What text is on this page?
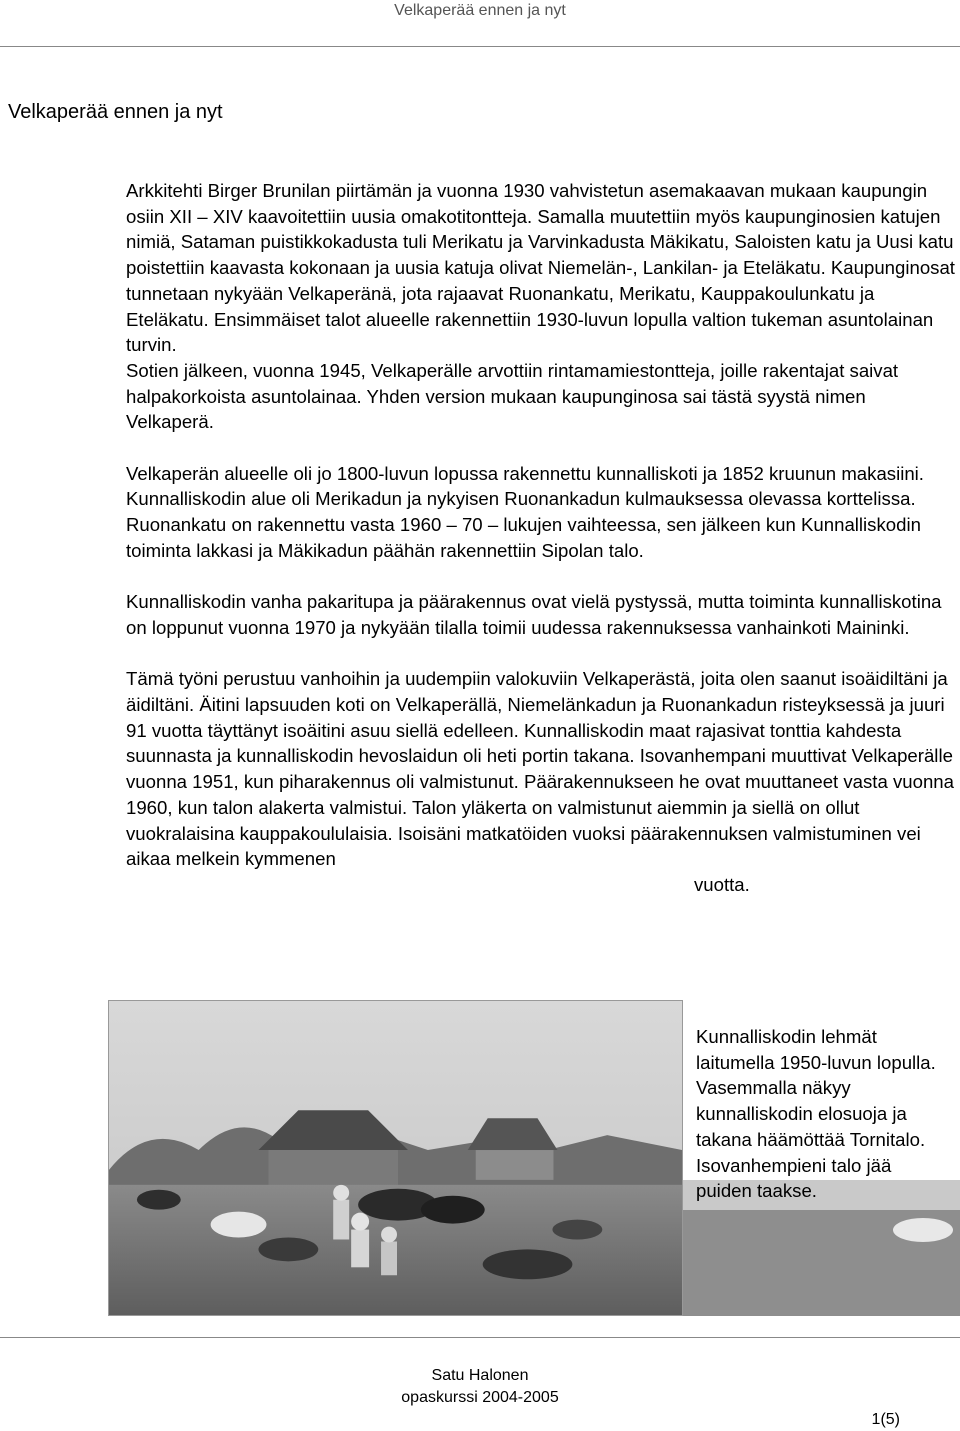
Velkaperää ennen ja nyt
Velkaperää ennen ja nyt

Arkkitehti Birger Brunilan piirtämän ja vuonna 1930 vahvistetun asemakaavan mukaan kaupungin osiin XII – XIV kaavoitettiin uusia omakotitontteja. Samalla muutettiin myös kaupunginosien katujen nimiä, Sataman puistikkokadusta tuli Merikatu ja Varvinkadusta Mäkikatu, Saloisten katu ja Uusi katu poistettiin kaavasta kokonaan ja uusia katuja olivat Niemelän-, Lankilan- ja Eteläkatu. Kaupunginosat tunnetaan nykyään Velkaperänä, jota rajaavat Ruonankatu, Merikatu, Kauppakoulunkatu ja Eteläkatu. Ensimmäiset talot alueelle rakennettiin 1930-luvun lopulla valtion tukeman asuntolainan turvin.

Sotien jälkeen, vuonna 1945, Velkaperälle arvottiin rintamamiestontteja, joille rakentajat saivat halpakorkoista asuntolainaa. Yhden version mukaan kaupunginosa sai tästä syystä nimen Velkaperä.

Velkaperän alueelle oli jo 1800-luvun lopussa rakennettu kunnalliskoti ja 1852 kruunun makasiini. Kunnalliskodin alue oli Merikadun ja nykyisen Ruonankadun kulmauksessa olevassa korttelissa. Ruonankatu on rakennettu vasta 1960 – 70 – lukujen vaihteessa, sen jälkeen kun Kunnalliskodin toiminta lakkasi ja Mäkikadun päähän rakennettiin Sipolan talo.

Kunnalliskodin vanha pakaritupa ja päärakennus ovat vielä pystyssä, mutta toiminta kunnalliskotina on loppunut vuonna 1970 ja nykyään tilalla toimii uudessa rakennuksessa vanhainkoti Maininki.

Tämä työni perustuu vanhoihin ja uudempiin valokuviin Velkaperästä, joita olen saanut isoäidiltäni ja äidiltäni. Äitini lapsuuden koti on Velkaperällä, Niemelänkadun ja Ruonankadun risteyksessä ja juuri 91 vuotta täyttänyt isoäitini asuu siellä edelleen. Kunnalliskodin maat rajasivat tonttia kahdesta suunnasta ja kunnalliskodin hevoslaidun oli heti portin takana. Isovanhempani muuttivat Velkaperälle vuonna 1951, kun piharakennus oli valmistunut. Päärakennukseen he ovat muuttaneet vasta vuonna 1960, kun talon alakerta valmistui. Talon yläkerta on valmistunut aiemmin ja siellä on ollut vuokralaisina kauppakoululaisia. Isoisäni matkatöiden vuoksi päärakennuksen valmistuminen vei aikaa melkein kymmenen

vuotta.

Kunnalliskodin lehmät laitumella 1950-luvun lopulla. Vasemmalla näkyy kunnalliskodin elosuoja ja takana häämöttää Tornitalo. Isovanhempieni talo jää puiden taakse.
Satu Halonen
opaskurssi 2004-2005
1(5)
